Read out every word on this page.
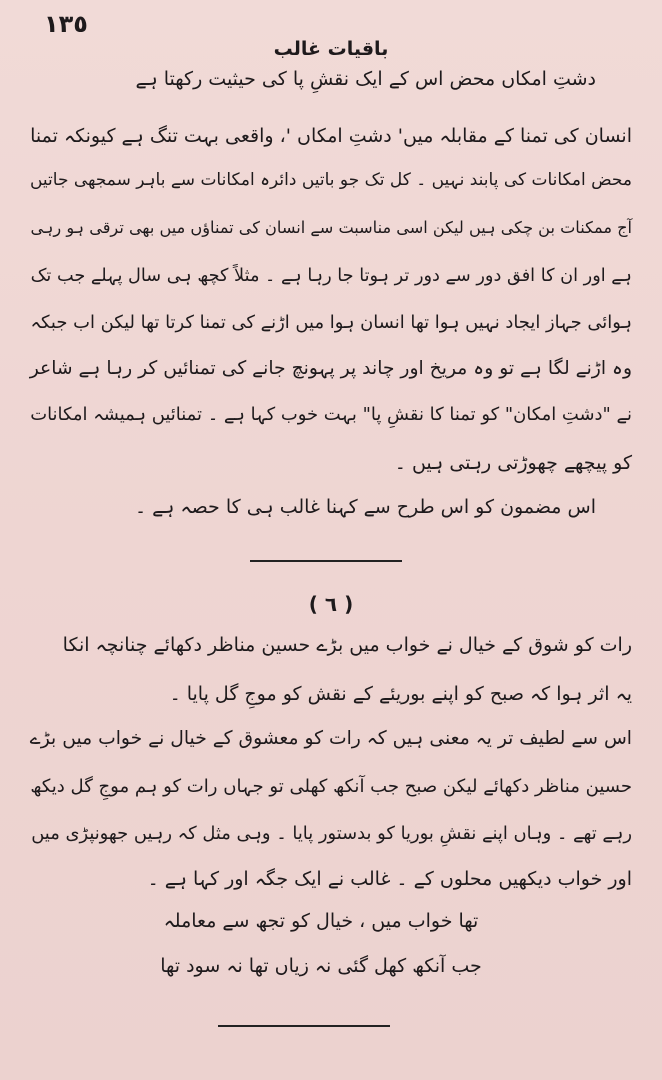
١٣٥
باقیات غالب
دشتِ امکاں محض اس کے ایک نقشِ پا کی حیثیت رکھتا ہے
انسان کی تمنا کے مقابلہ میں' دشتِ امکاں '، واقعی بہت تنگ ہے کیونکہ تمنا
محض امکانات کی پابند نہیں ۔ کل تک جو باتیں دائرہ امکانات سے باہر سمجھی جاتیں
آج ممکنات بن چکی ہیں لیکن اسی مناسبت سے انسان کی تمناؤں میں بھی ترقی ہو رہی
ہے اور ان کا افق دور سے دور تر ہوتا جا رہا ہے ۔ مثلاً کچھ ہی سال پہلے جب تک
ہوائی جہاز ایجاد نہیں ہوا تھا انسان ہوا میں اڑنے کی تمنا کرتا تھا لیکن اب جبکہ
وہ اڑنے لگا ہے تو وہ مریخ اور چاند پر پہونچ جانے کی تمنائیں کر رہا ہے شاعر
نے "دشتِ امکان" کو تمنا کا نقشِ پا" بہت خوب کہا ہے ۔ تمنائیں ہمیشہ امکانات
کو پیچھے چھوڑتی رہتی ہیں ۔
اس مضمون کو اس طرح سے کہنا غالب ہی کا حصہ ہے ۔
( ٦ )
رات کو شوق کے خیال نے خواب میں بڑے حسین مناظر دکھائے چنانچہ انکا
یہ اثر ہوا کہ صبح کو اپنے بوریئے کے نقش کو موجِ گل پایا ۔
اس سے لطیف تر یہ معنی ہیں کہ رات کو معشوق کے خیال نے خواب میں بڑے
حسین مناظر دکھائے لیکن صبح جب آنکھ کھلی تو جہاں رات کو ہم موجِ گل دیکھ
رہے تھے ۔ وہاں اپنے نقشِ بوریا کو بدستور پایا ۔ وہی مثل کہ رہیں جھونپڑی میں
اور خواب دیکھیں محلوں کے ۔ غالب نے ایک جگہ اور کہا ہے ۔
تھا خواب میں ، خیال کو تجھ سے معاملہ
جب آنکھ کھل گئی نہ زیاں تھا نہ سود تھا
